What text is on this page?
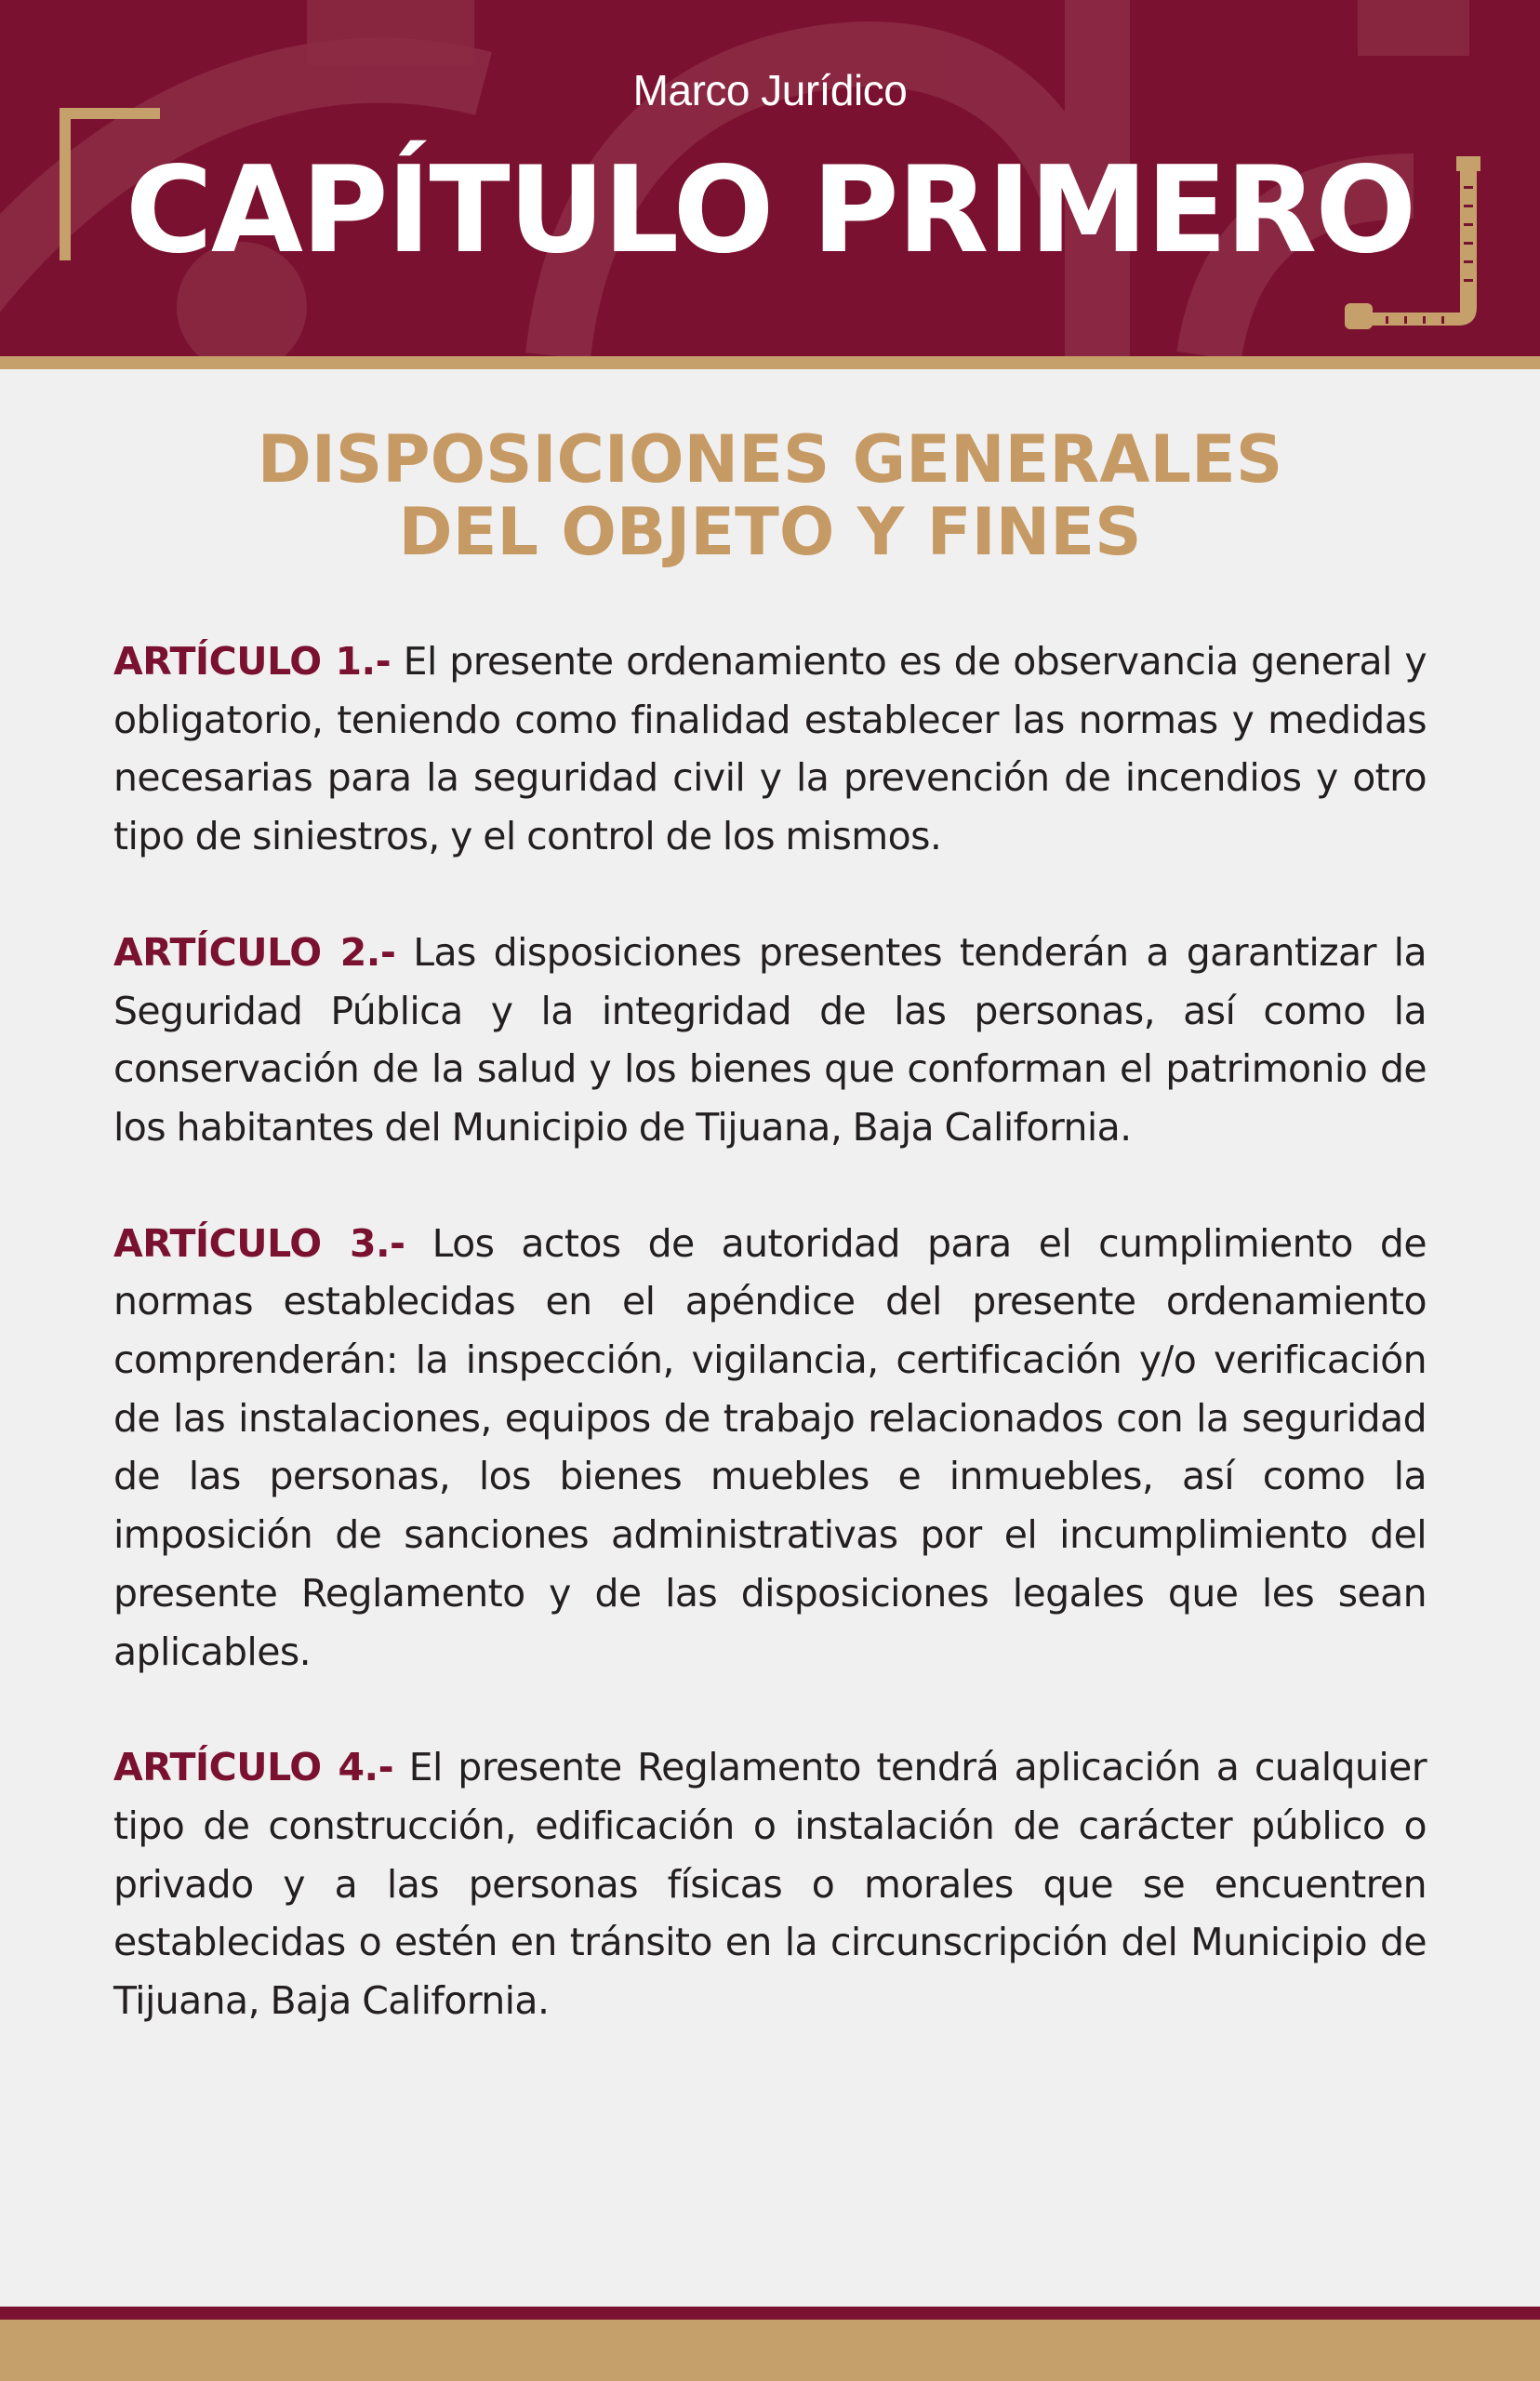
Marco Jurídico
CAPÍTULO PRIMERO
DISPOSICIONES GENERALES
DEL OBJETO Y FINES

ARTÍCULO 1.- El presente ordenamiento es de observancia general y obligatorio, teniendo como finalidad establecer las normas y medidas necesarias para la seguridad civil y la prevención de incendios y otro tipo de siniestros, y el control de los mismos.

ARTÍCULO 2.- Las disposiciones presentes tenderán a garantizar la Seguridad Pública y la integridad de las personas, así como la conservación de la salud y los bienes que conforman el patrimonio de los habitantes del Municipio de Tijuana, Baja California.

ARTÍCULO 3.- Los actos de autoridad para el cumplimiento de normas establecidas en el apéndice del presente ordenamiento comprenderán: la inspección, vigilancia, certificación y/o verificación de las instalaciones, equipos de trabajo relacionados con la seguridad de las personas, los bienes muebles e inmuebles, así como la imposición de sanciones administrativas por el incumplimiento del presente Reglamento y de las disposiciones legales que les sean aplicables.

ARTÍCULO 4.- El presente Reglamento tendrá aplicación a cualquier tipo de construcción, edificación o instalación de carácter público o privado y a las personas físicas o morales que se encuentren establecidas o estén en tránsito en la circunscripción del Municipio de Tijuana, Baja California.
